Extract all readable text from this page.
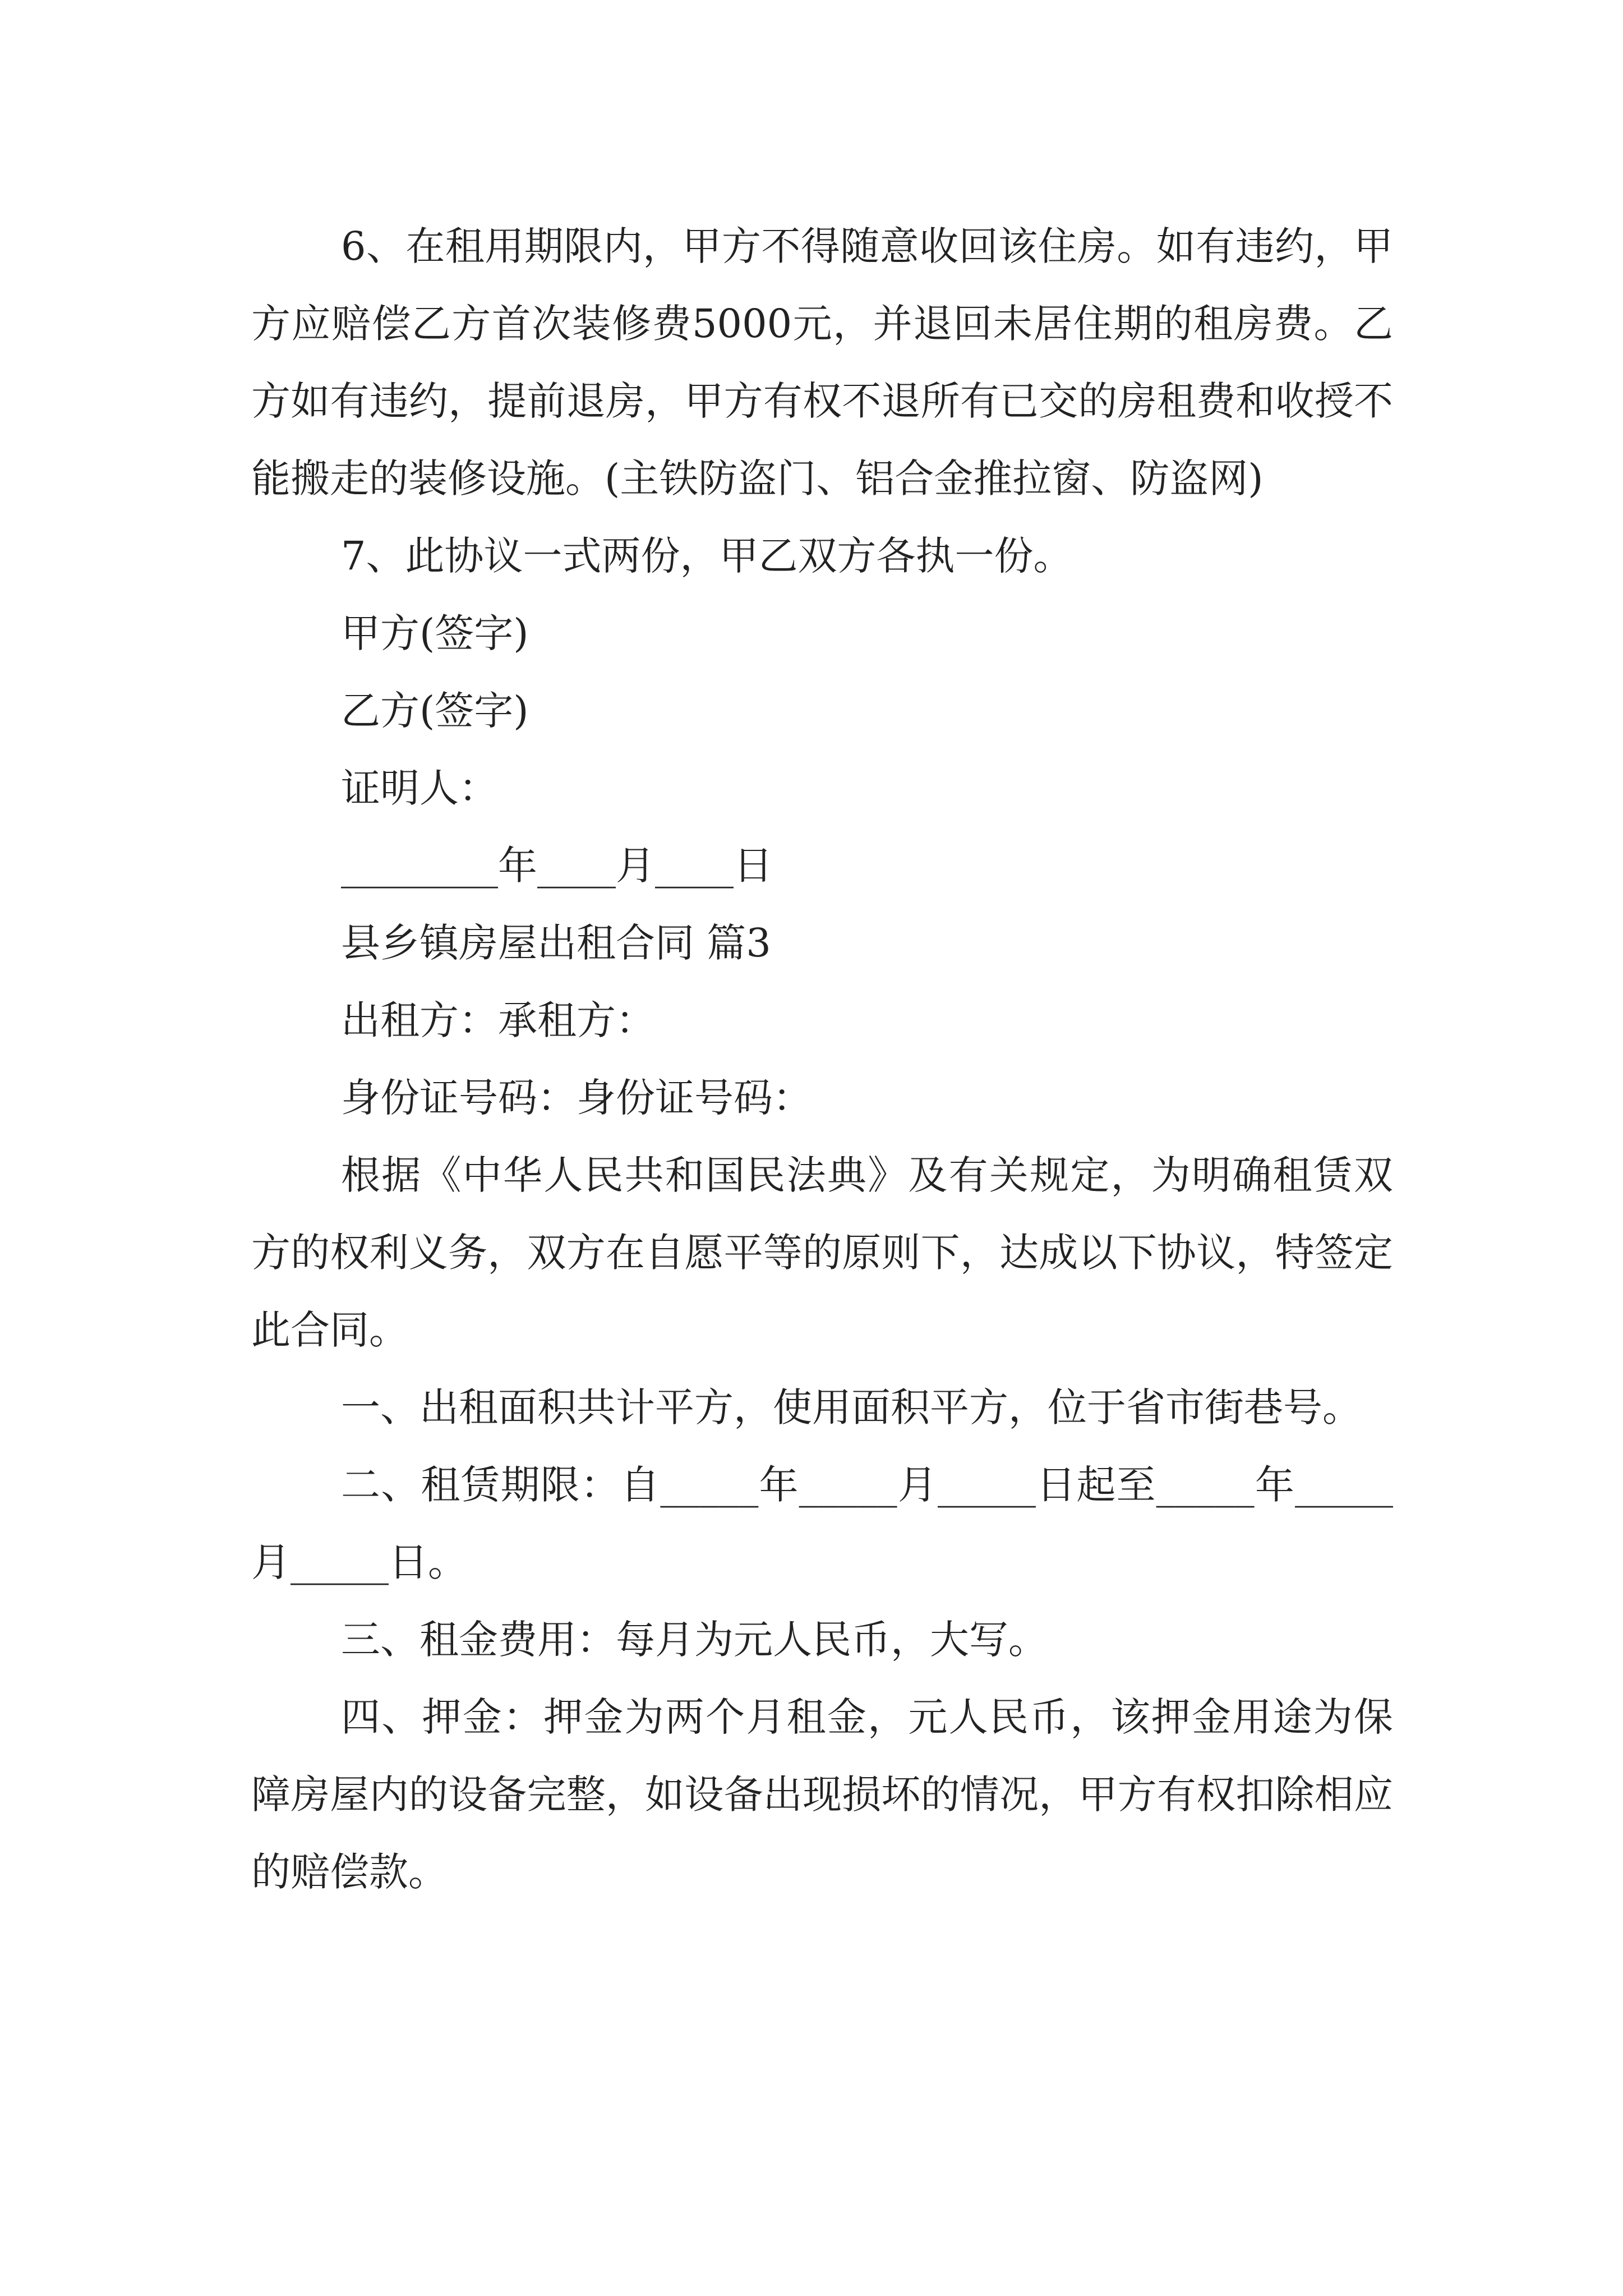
6、在租用期限内，甲方不得随意收回该住房。如有违约，甲方应赔偿乙方首次装修费5000元，并退回未居住期的租房费。乙方如有违约，提前退房，甲方有权不退所有已交的房租费和收授不能搬走的装修设施。(主铁防盗门、铝合金推拉窗、防盗网)

7、此协议一式两份，甲乙双方各执一份。

甲方(签字)

乙方(签字)

证明人：

________年____月____日

县乡镇房屋出租合同 篇3

出租方：承租方：

身份证号码：身份证号码：

根据《中华人民共和国民法典》及有关规定，为明确租赁双方的权利义务，双方在自愿平等的原则下，达成以下协议，特签定此合同。

一、出租面积共计平方，使用面积平方，位于省市街巷号。

二、租赁期限：自_____年_____月_____日起至_____年_____月_____日。

三、租金费用：每月为元人民币，大写。

四、押金：押金为两个月租金，元人民币，该押金用途为保障房屋内的设备完整，如设备出现损坏的情况，甲方有权扣除相应的赔偿款。
